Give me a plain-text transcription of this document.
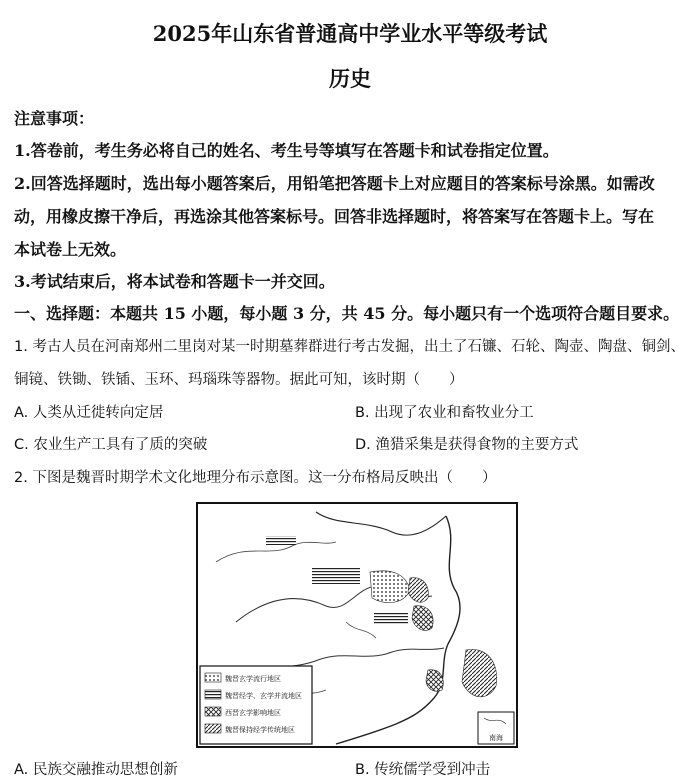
2025年山东省普通高中学业水平等级考试
历史
注意事项：
1.答卷前，考生务必将自己的姓名、考生号等填写在答题卡和试卷指定位置。
2.回答选择题时，选出每小题答案后，用铅笔把答题卡上对应题目的答案标号涂黑。如需改
动，用橡皮擦干净后，再选涂其他答案标号。回答非选择题时，将答案写在答题卡上。写在
本试卷上无效。
3.考试结束后，将本试卷和答题卡一并交回。
一、选择题：本题共 15 小题，每小题 3 分，共 45 分。每小题只有一个选项符合题目要求。
1. 考古人员在河南郑州二里岗对某一时期墓葬群进行考古发掘，出土了石镰、石轮、陶壶、陶盘、铜剑、
铜镜、铁锄、铁锸、玉环、玛瑙珠等器物。据此可知，该时期（　　）
A. 人类从迁徙转向定居	B. 出现了农业和畜牧业分工
C. 农业生产工具有了质的突破	D. 渔猎采集是获得食物的主要方式
2. 下图是魏晋时期学术文化地理分布示意图。这一分布格局反映出（　　）
魏晋玄学流行地区
魏晋经学、玄学并流地区
西晋玄学影响地区
魏晋保持经学传统地区
南海
A. 民族交融推动思想创新	B. 传统儒学受到冲击
